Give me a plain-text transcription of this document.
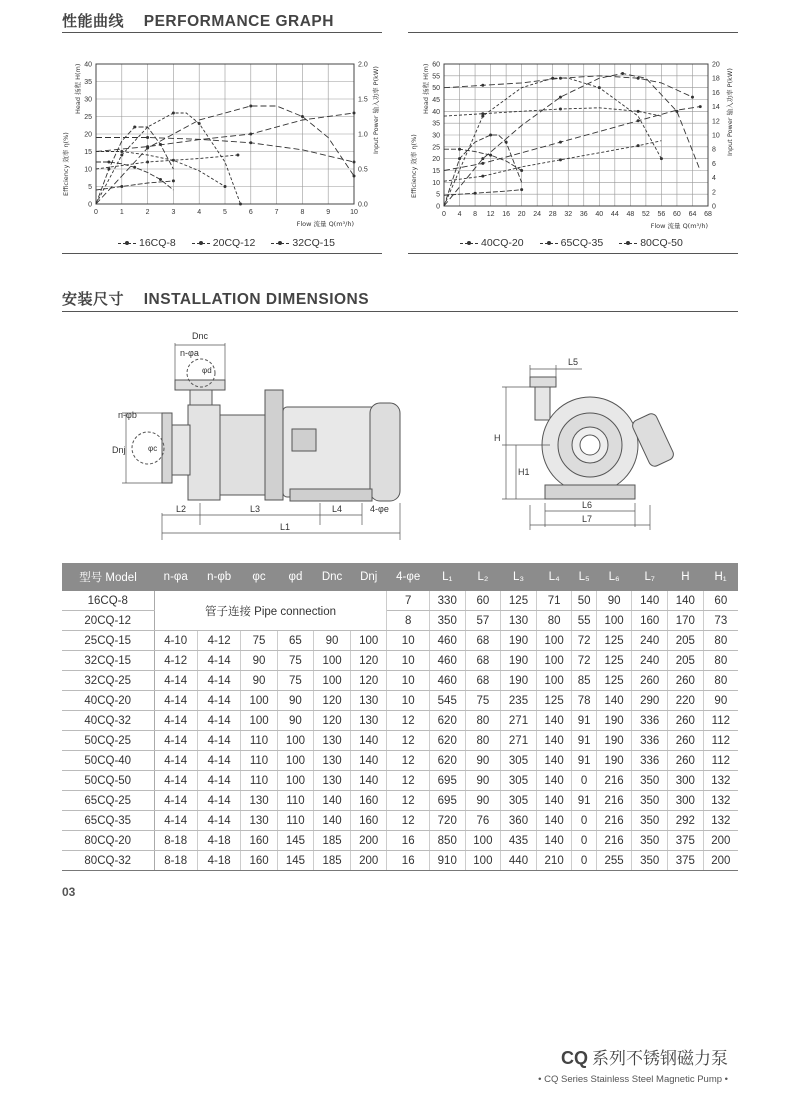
性能曲线 PERFORMANCE GRAPH
0	1	2	3	4	5	6	7	8	9	10
0
5
10
15
20
25
30
35
40
0.0
0.5
1.0
1.5
2.0
Head 扬程 H(m)
Efficiency 效率 η(%)
Input Power 输入功率 P(kW)
Flow 流量 Q(m³/h)
0 4 8 12 16 20 24 28 32 36 40 44 48 52 56 60 64 68
0
5
10
15
20
25
30
35
40
45
50
55
60
0
2
4
6
8
10
12
14
16
18
20
Head 扬程 H(m)
Efficiency 效率 η(%)
Input Power 输入功率 P(kW)
Flow 流量 Q(m³/h)
16CQ-8	20CQ-12	32CQ-15	40CQ-20	65CQ-35	80CQ-50
安装尺寸 INSTALLATION DIMENSIONS
Dnc
n-φa
φd
n-φb
φc
Dnj
L2	L3	L4
L1
4-φe
L5
H
H1
L6
L7
型号 Model	n-φa	n-φb	φc	φd	Dnc	Dnj	4-φe	L₁	L₂	L₃	L₄	L₅	L₆	L₇	H	H₁
16CQ-8	管子连接 Pipe connection						7	330	60	125	71	50	90	140	140	60
20CQ-12							8	350	57	130	80	55	100	160	170	73
25CQ-15	4-10	4-12	75	65	90	100	10	460	68	190	100	72	125	240	205	80
32CQ-15	4-12	4-14	90	75	100	120	10	460	68	190	100	72	125	240	205	80
32CQ-25	4-14	4-14	90	75	100	120	10	460	68	190	100	85	125	260	260	80
40CQ-20	4-14	4-14	100	90	120	130	10	545	75	235	125	78	140	290	220	90
40CQ-32	4-14	4-14	100	90	120	130	12	620	80	271	140	91	190	336	260	112
50CQ-25	4-14	4-14	110	100	130	140	12	620	80	271	140	91	190	336	260	112
50CQ-40	4-14	4-14	110	100	130	140	12	620	90	305	140	91	190	336	260	112
50CQ-50	4-14	4-14	110	100	130	140	12	695	90	305	140	0	216	350	300	132
65CQ-25	4-14	4-14	130	110	140	160	12	695	90	305	140	91	216	350	300	132
65CQ-35	4-14	4-14	130	110	140	160	12	720	76	360	140	0	216	350	292	132
80CQ-20	8-18	4-18	160	145	185	200	16	850	100	435	140	0	216	350	375	200
80CQ-32	8-18	4-18	160	145	185	200	16	910	100	440	210	0	255	350	375	200
03
CQ 系列不锈钢磁力泵
• CQ Series Stainless Steel Magnetic Pump •
